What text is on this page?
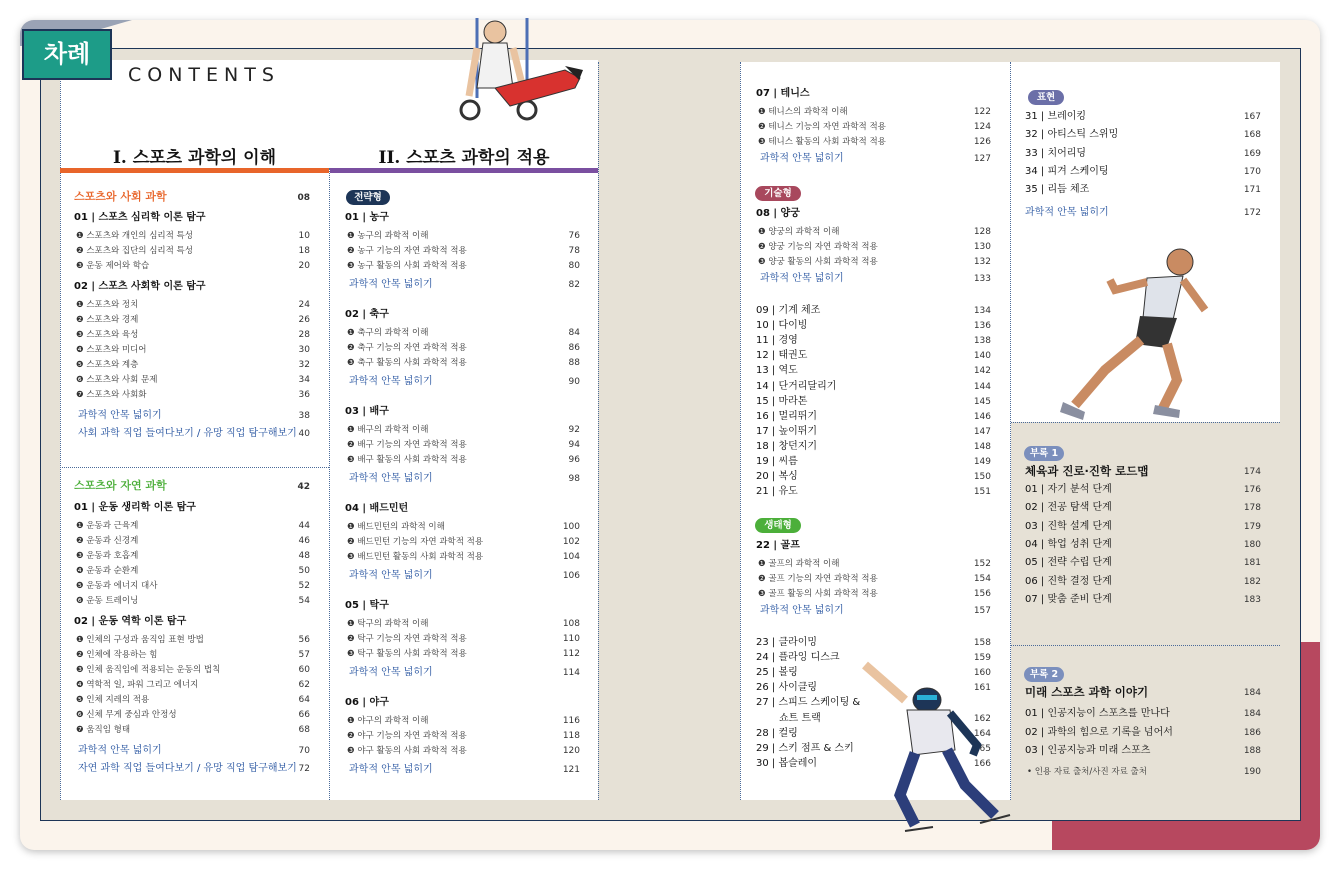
차례
CONTENTS
I. 스포츠 과학의 이해	II. 스포츠 과학의 적용
스포츠와 사회 과학	08
01 | 스포츠 심리학 이론 탐구
❶ 스포츠와 개인의 심리적 특성	10
❷ 스포츠와 집단의 심리적 특성	18
❸ 운동 제어와 학습	20
02 | 스포츠 사회학 이론 탐구
❶ 스포츠와 정치	24
❷ 스포츠와 경제	26
❸ 스포츠와 육성	28
❹ 스포츠와 미디어	30
❺ 스포츠와 계층	32
❻ 스포츠와 사회 문제	34
❼ 스포츠와 사회화	36
과학적 안목 넓히기	38
사회 과학 직업 들여다보기 / 유망 직업 탐구해보기 40
스포츠와 자연 과학	42
01 | 운동 생리학 이론 탐구
❶ 운동과 근육계	44
❷ 운동과 신경계	46
❸ 운동과 호흡계	48
❹ 운동과 순환계	50
❺ 운동과 에너지 대사	52
❻ 운동 트레이닝	54
02 | 운동 역학 이론 탐구
❶ 인체의 구성과 움직임 표현 방법	56
❷ 인체에 작용하는 힘	57
❸ 인체 움직임에 적용되는 운동의 법칙	60
❹ 역학적 일, 파워 그리고 에너지	62
❺ 인체 지레의 적용	64
❻ 신체 무게 중심과 안정성	66
❼ 움직임 형태	68
과학적 안목 넓히기	70
자연 과학 직업 들여다보기 / 유망 직업 탐구해보기 72
전략형
01 | 농구
❶ 농구의 과학적 이해	76
❷ 농구 기능의 자연 과학적 적용	78
❸ 농구 활동의 사회 과학적 적용	80
과학적 안목 넓히기	82
02 | 축구
❶ 축구의 과학적 이해	84
❷ 축구 기능의 자연 과학적 적용	86
❸ 축구 활동의 사회 과학적 적용	88
과학적 안목 넓히기	90
03 | 배구
❶ 배구의 과학적 이해	92
❷ 배구 기능의 자연 과학적 적용	94
❸ 배구 활동의 사회 과학적 적용	96
과학적 안목 넓히기	98
04 | 배드민턴
❶ 배드민턴의 과학적 이해	100
❷ 배드민턴 기능의 자연 과학적 적용	102
❸ 배드민턴 활동의 사회 과학적 적용	104
과학적 안목 넓히기	106
05 | 탁구
❶ 탁구의 과학적 이해	108
❷ 탁구 기능의 자연 과학적 적용	110
❸ 탁구 활동의 사회 과학적 적용	112
과학적 안목 넓히기	114
06 | 야구
❶ 야구의 과학적 이해	116
❷ 야구 기능의 자연 과학적 적용	118
❸ 야구 활동의 사회 과학적 적용	120
과학적 안목 넓히기	121
07 | 테니스
❶ 테니스의 과학적 이해	122
❷ 테니스 기능의 자연 과학적 적용	124
❸ 테니스 활동의 사회 과학적 적용	126
과학적 안목 넓히기	127
08 | 양궁
❶ 양궁의 과학적 이해	128
❷ 양궁 기능의 자연 과학적 적용	130
❸ 양궁 활동의 사회 과학적 적용	132
과학적 안목 넓히기	133
09 | 기계 체조	134
10 | 다이빙	136
11 | 경영	138
12 | 태권도	140
13 | 역도	142
14 | 단거리달리기	144
15 | 마라톤	145
16 | 멀리뛰기	146
17 | 높이뛰기	147
18 | 창던지기	148
19 | 씨름	149
20 | 복싱	150
21 | 유도	151
22 | 골프
❶ 골프의 과학적 이해	152
❷ 골프 기능의 자연 과학적 적용	154
❸ 골프 활동의 사회 과학적 적용	156
과학적 안목 넓히기	157
23 | 클라이밍	158
24 | 플라잉 디스크	159
25 | 볼링	160
26 | 사이클링	161
27 | 스피드 스케이팅 &
쇼트 트랙	162
28 | 컬링	164
29 | 스키 점프 & 스키	165
30 | 봅슬레이	166
기술형
생태형
표현
31 | 브레이킹	167
32 | 아티스틱 스위밍	168
33 | 치어리딩	169
34 | 피겨 스케이팅	170
35 | 리듬 체조	171
과학적 안목 넓히기	172
01 | 자기 분석 단계	176
02 | 전공 탐색 단계	178
03 | 진학 설계 단계	179
04 | 학업 성취 단계	180
05 | 전략 수립 단계	181
06 | 진학 결정 단계	182
07 | 맞춤 준비 단계	183
부록 1
체육과 진로·진학 로드맵	174
부록 2
미래 스포츠 과학 이야기	184
01 | 인공지능이 스포츠를 만나다	184
02 | 과학의 힘으로 기록을 넘어서	186
03 | 인공지능과 미래 스포츠	188
• 인용 자료 출처/사진 자료 출처	190
